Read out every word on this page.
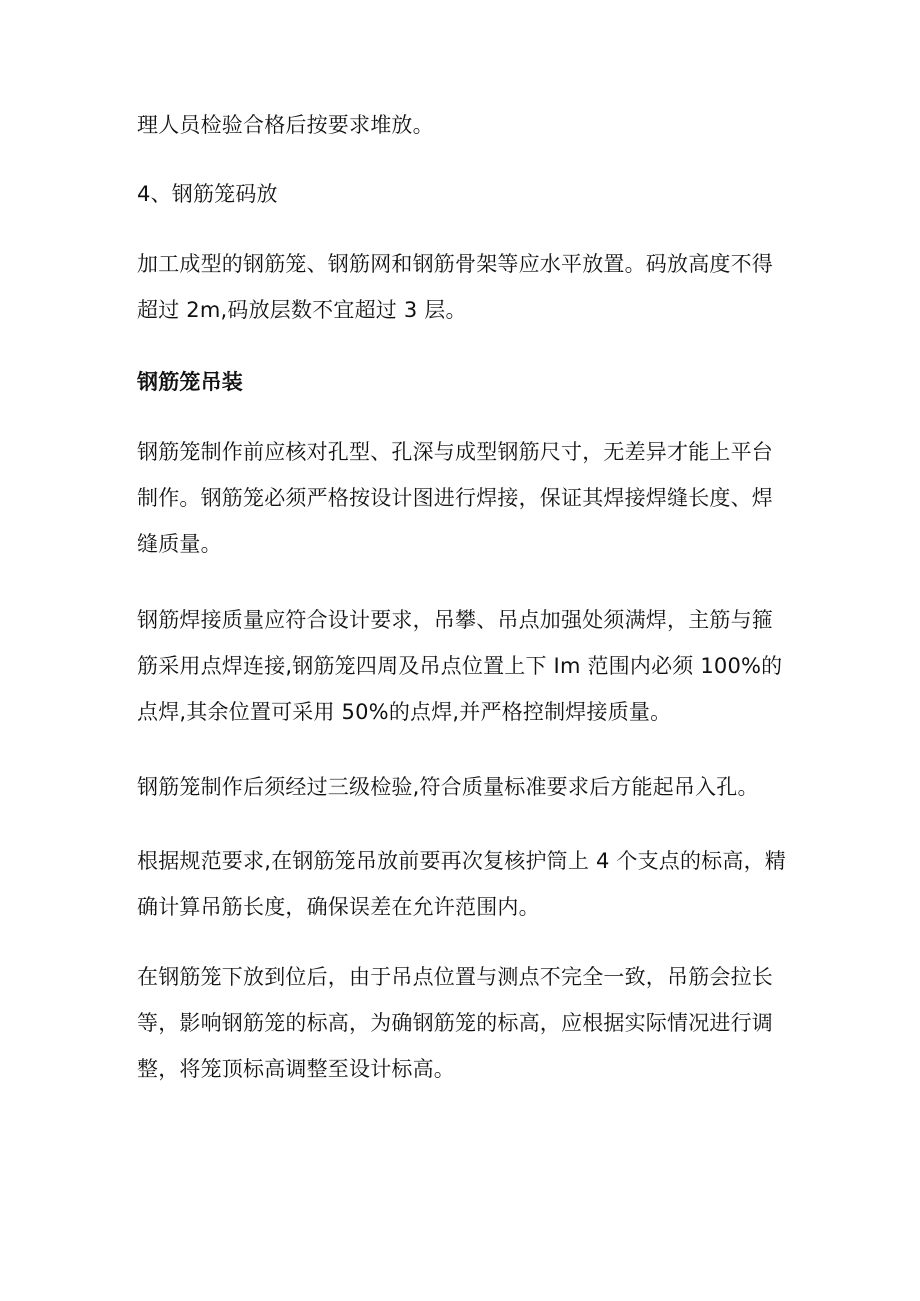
理人员检验合格后按要求堆放。

4、钢筋笼码放

加工成型的钢筋笼、钢筋网和钢筋骨架等应水平放置。码放高度不得
超过 2m,码放层数不宜超过 3 层。

钢筋笼吊装

钢筋笼制作前应核对孔型、孔深与成型钢筋尺寸，无差异才能上平台
制作。钢筋笼必须严格按设计图进行焊接，保证其焊接焊缝长度、焊
缝质量。

钢筋焊接质量应符合设计要求，吊攀、吊点加强处须满焊，主筋与箍
筋采用点焊连接,钢筋笼四周及吊点位置上下 Im 范围内必须 100%的
点焊,其余位置可采用 50%的点焊,并严格控制焊接质量。

钢筋笼制作后须经过三级检验,符合质量标准要求后方能起吊入孔。

根据规范要求,在钢筋笼吊放前要再次复核护筒上 4 个支点的标高，精
确计算吊筋长度，确保误差在允许范围内。

在钢筋笼下放到位后，由于吊点位置与测点不完全一致，吊筋会拉长
等，影响钢筋笼的标高，为确钢筋笼的标高，应根据实际情况进行调
整，将笼顶标高调整至设计标高。
